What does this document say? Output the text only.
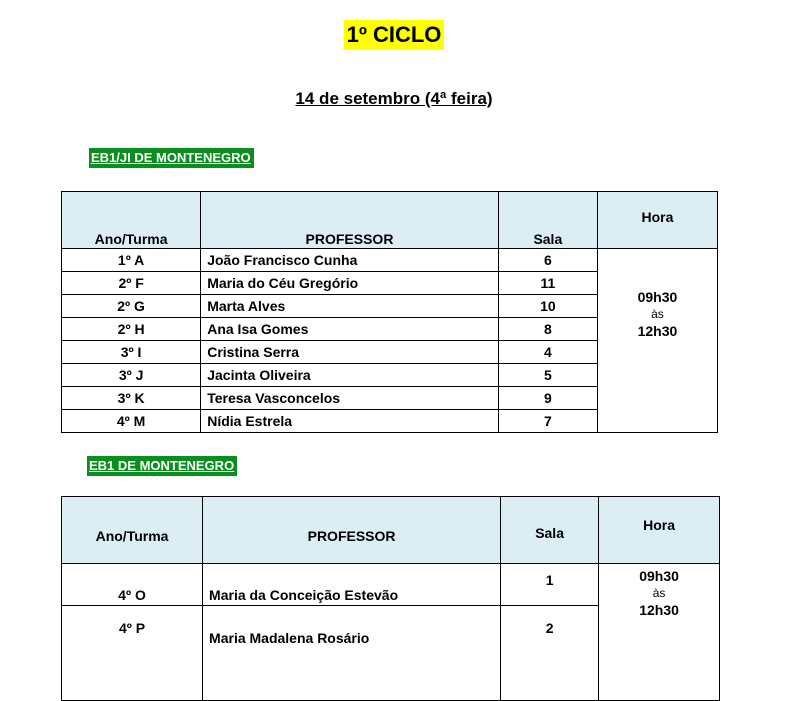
1º CICLO
14 de setembro (4ª feira)
EB1/JI DE MONTENEGRO
Ano/Turma	PROFESSOR	Sala	Hora
1º A	João Francisco Cunha	6	09h30
às
12h30

2º F	Maria do Céu Gregório	11	
2º G	Marta Alves	10	
2º H	Ana Isa Gomes	8	
3º I	Cristina Serra	4	
3º J	Jacinta Oliveira	5	
3º K	Teresa Vasconcelos	9	
4º M	Nídia Estrela	7	
EB1 DE MONTENEGRO
Ano/Turma	PROFESSOR	Sala	Hora
4º O	Maria da Conceição Estevão	1	09h30
às
12h30

4º P	Maria Madalena Rosário	2	
